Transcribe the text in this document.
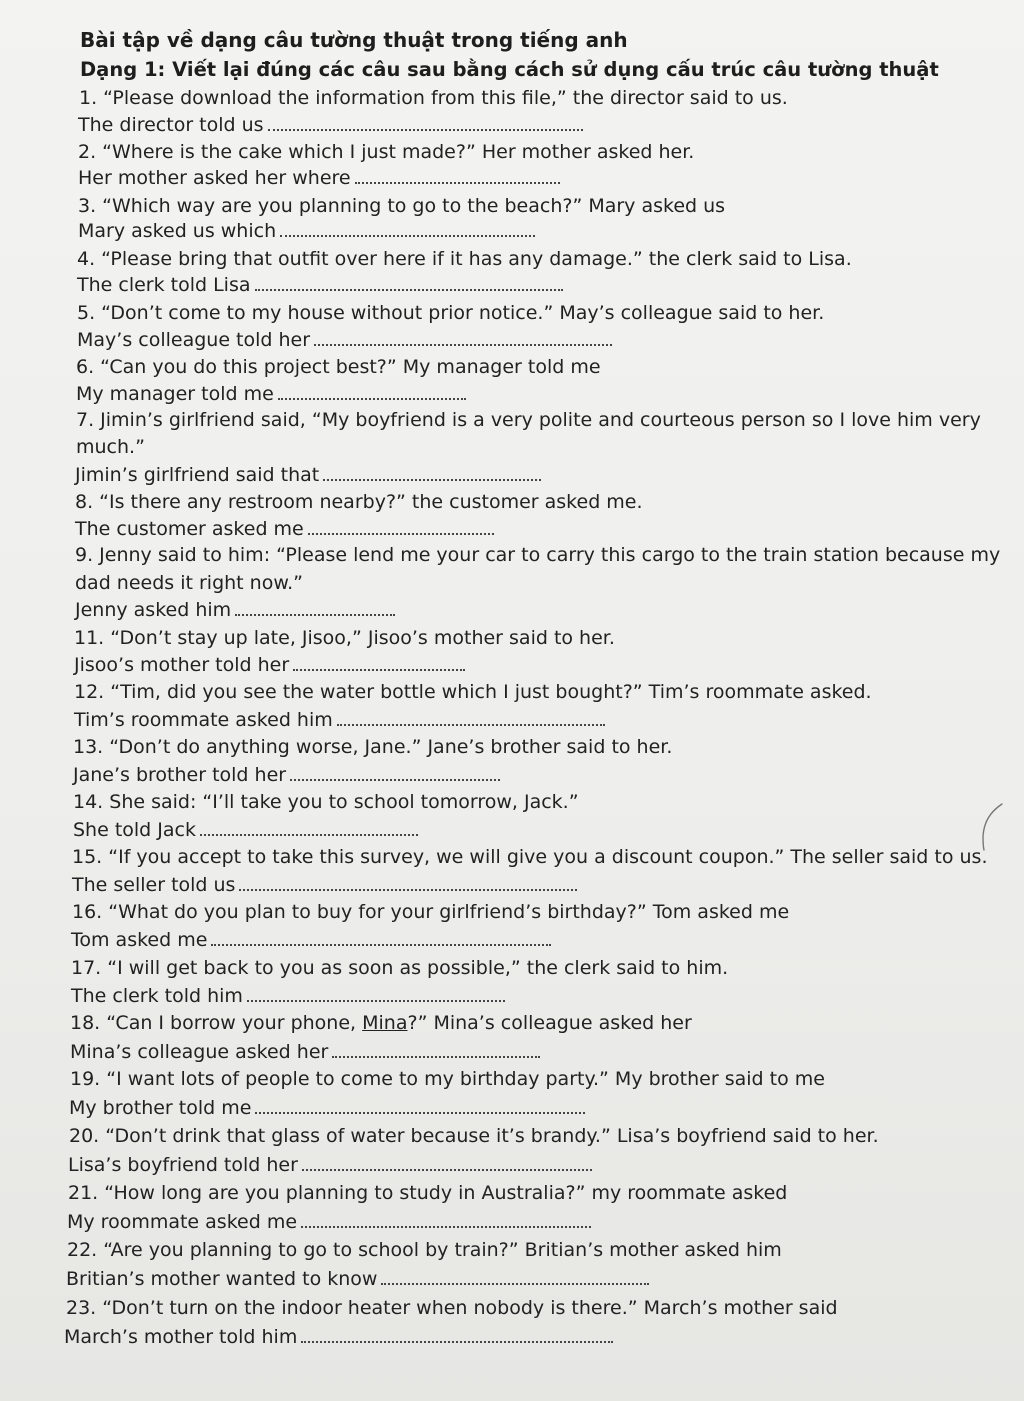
Bài tập về dạng câu tường thuật trong tiếng anh
Dạng 1: Viết lại đúng các câu sau bằng cách sử dụng cấu trúc câu tường thuật
1. “Please download the information from this file,” the director said to us.
The director told us
2. “Where is the cake which I just made?” Her mother asked her.
Her mother asked her where
3. “Which way are you planning to go to the beach?” Mary asked us
Mary asked us which
4. “Please bring that outfit over here if it has any damage.” the clerk said to Lisa.
The clerk told Lisa
5. “Don’t come to my house without prior notice.” May’s colleague said to her.
May’s colleague told her
6. “Can you do this project best?” My manager told me
My manager told me
7. Jimin’s girlfriend said, “My boyfriend is a very polite and courteous person so I love him very
much.”
Jimin’s girlfriend said that
8. “Is there any restroom nearby?” the customer asked me.
The customer asked me
9. Jenny said to him: “Please lend me your car to carry this cargo to the train station because my
dad needs it right now.”
Jenny asked him
11. “Don’t stay up late, Jisoo,” Jisoo’s mother said to her.
Jisoo’s mother told her
12. “Tim, did you see the water bottle which I just bought?” Tim’s roommate asked.
Tim’s roommate asked him
13. “Don’t do anything worse, Jane.” Jane’s brother said to her.
Jane’s brother told her
14. She said: “I’ll take you to school tomorrow, Jack.”
She told Jack
15. “If you accept to take this survey, we will give you a discount coupon.” The seller said to us.
The seller told us
16. “What do you plan to buy for your girlfriend’s birthday?” Tom asked me
Tom asked me
17. “I will get back to you as soon as possible,” the clerk said to him.
The clerk told him
18. “Can I borrow your phone, Mina?” Mina’s colleague asked her
Mina’s colleague asked her
19. “I want lots of people to come to my birthday party.” My brother said to me
My brother told me
20. “Don’t drink that glass of water because it’s brandy.” Lisa’s boyfriend said to her.
Lisa’s boyfriend told her
21. “How long are you planning to study in Australia?” my roommate asked
My roommate asked me
22. “Are you planning to go to school by train?” Britian’s mother asked him
Britian’s mother wanted to know
23. “Don’t turn on the indoor heater when nobody is there.” March’s mother said
March’s mother told him
